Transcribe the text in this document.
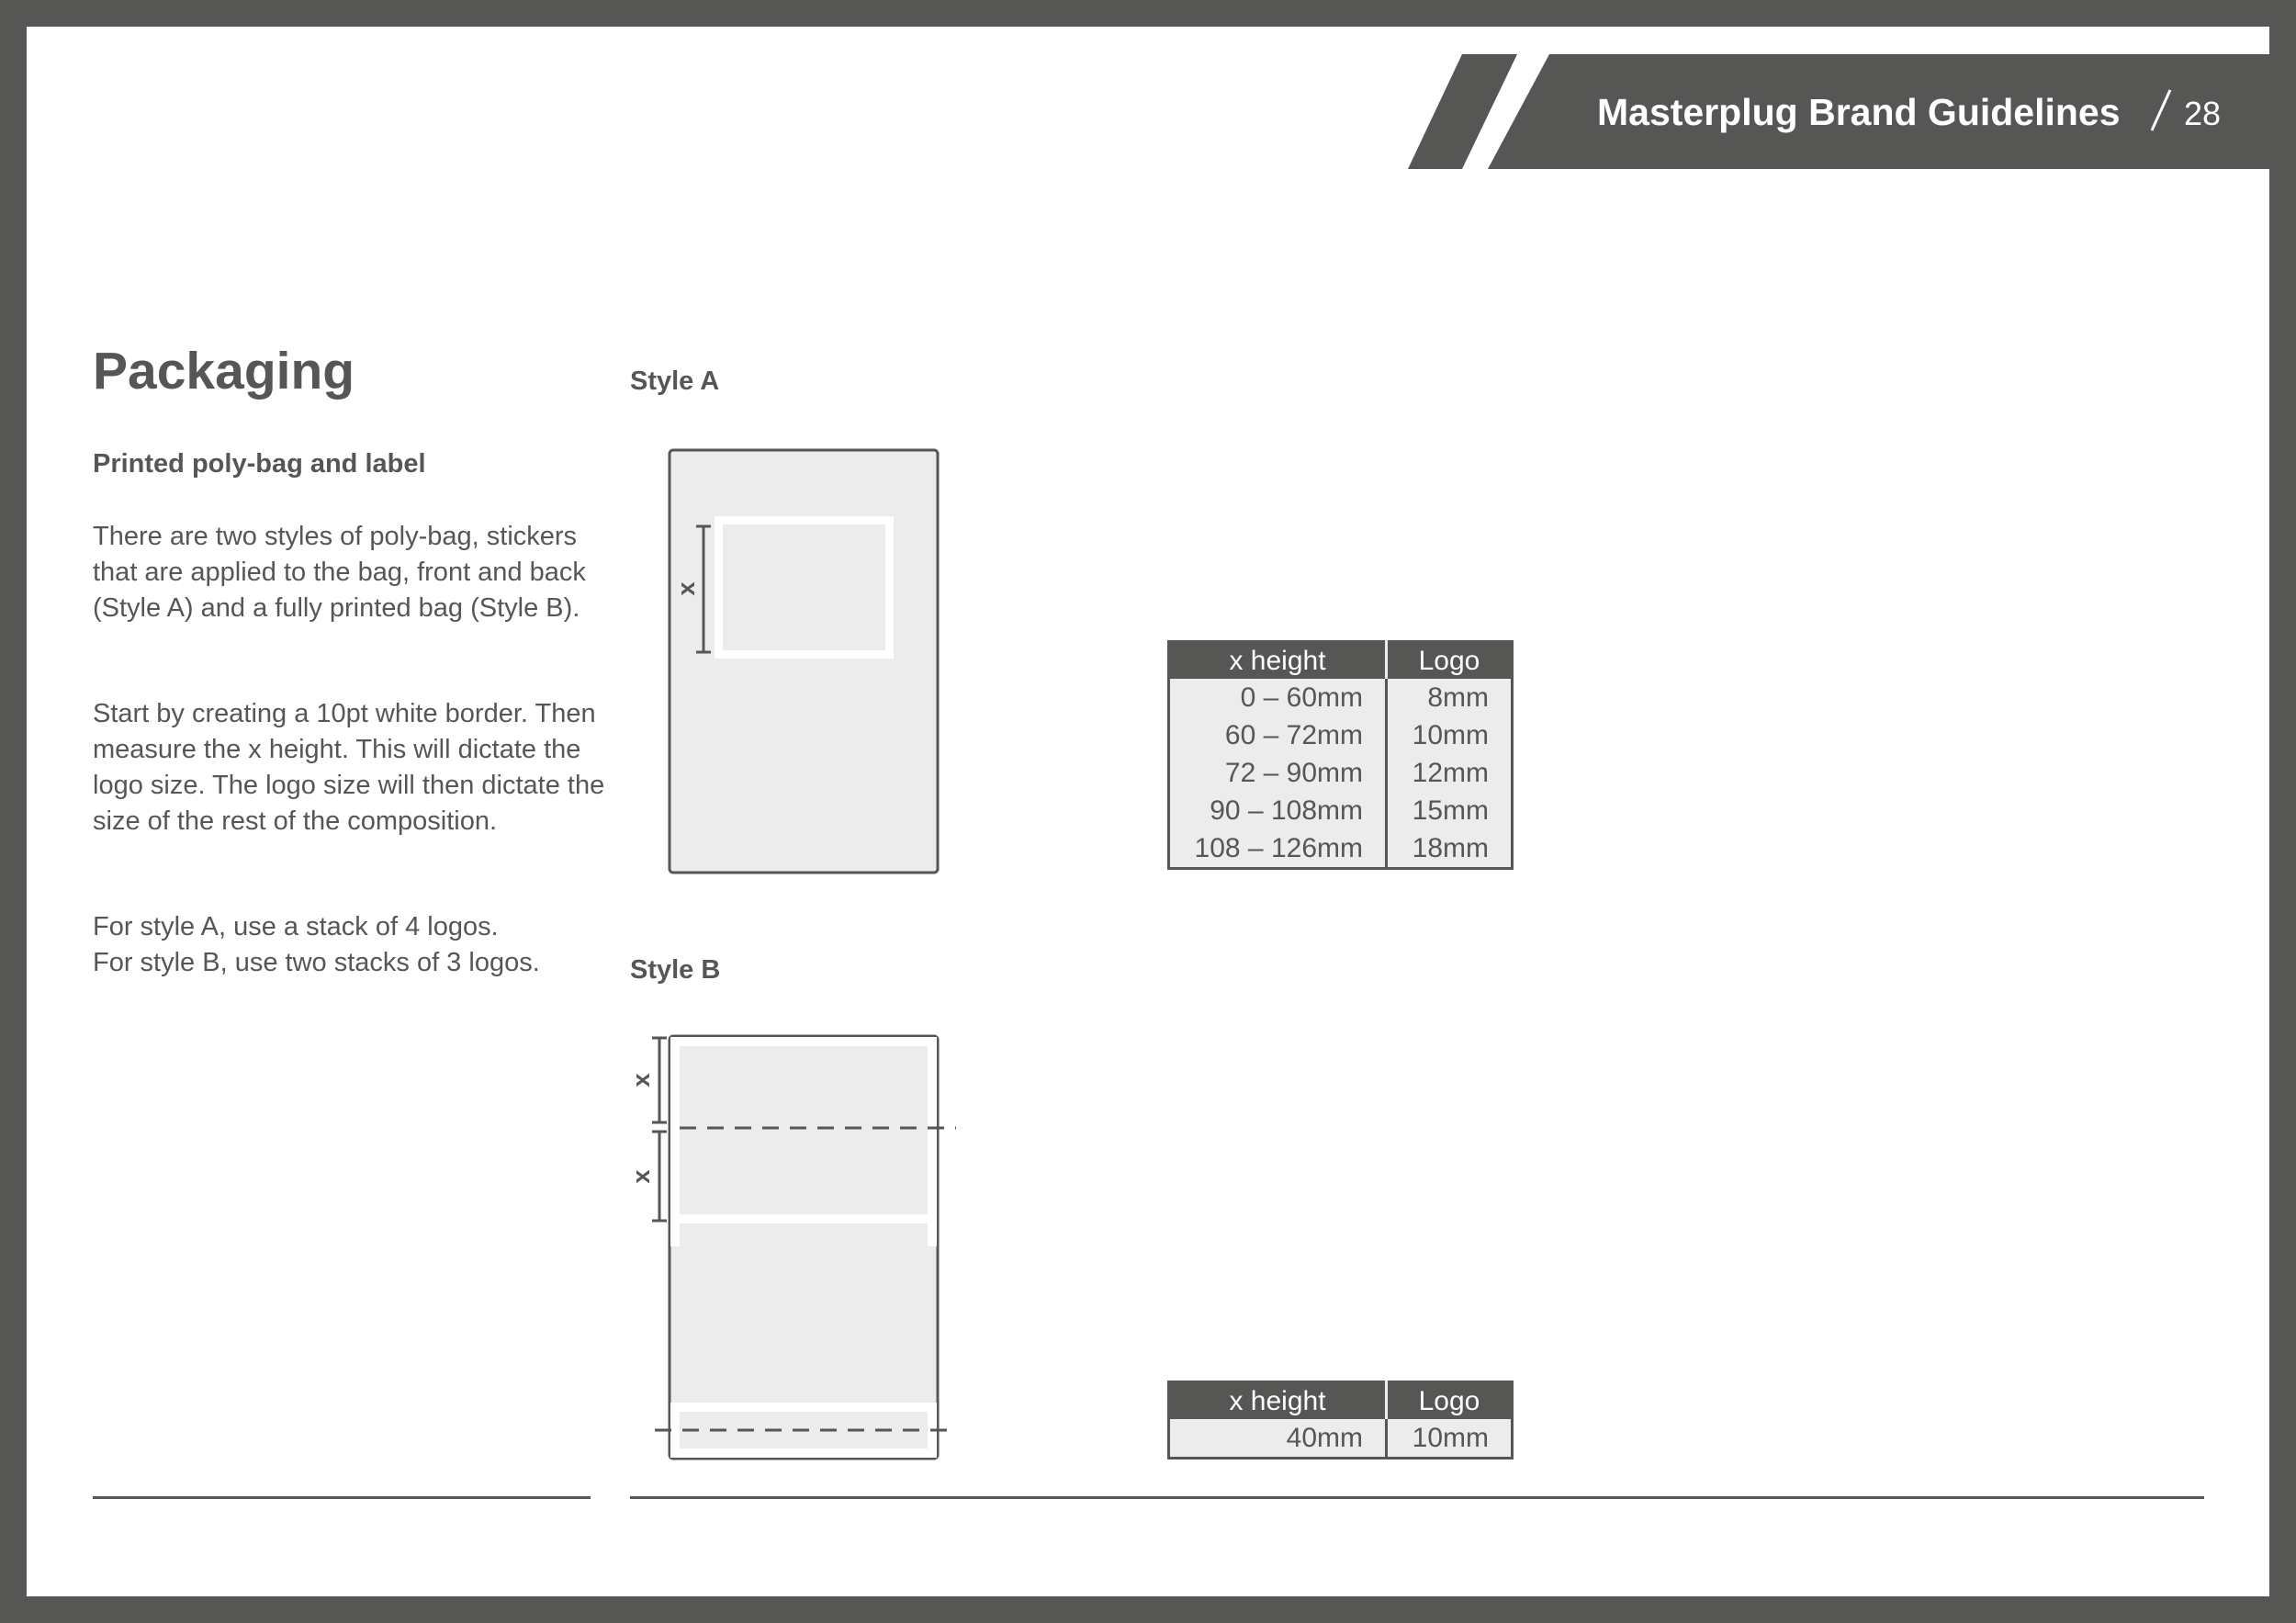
Masterplug Brand Guidelines	28
Packaging
Printed poly-bag and label
There are two styles of poly-bag, stickers that are applied to the bag, front and back (Style A) and a fully printed bag (Style B).
Start by creating a 10pt white border. Then measure the x height. This will dictate the logo size. The logo size will then dictate the size of the rest of the composition.
For style A, use a stack of 4 logos.
For style B, use two stacks of 3 logos.
Style A
Style B
x
x
x
x height	Logo
0 – 60mm	8mm
60 – 72mm	10mm
72 – 90mm	12mm
90 – 108mm	15mm
108 – 126mm	18mm
x height	Logo
40mm	10mm
